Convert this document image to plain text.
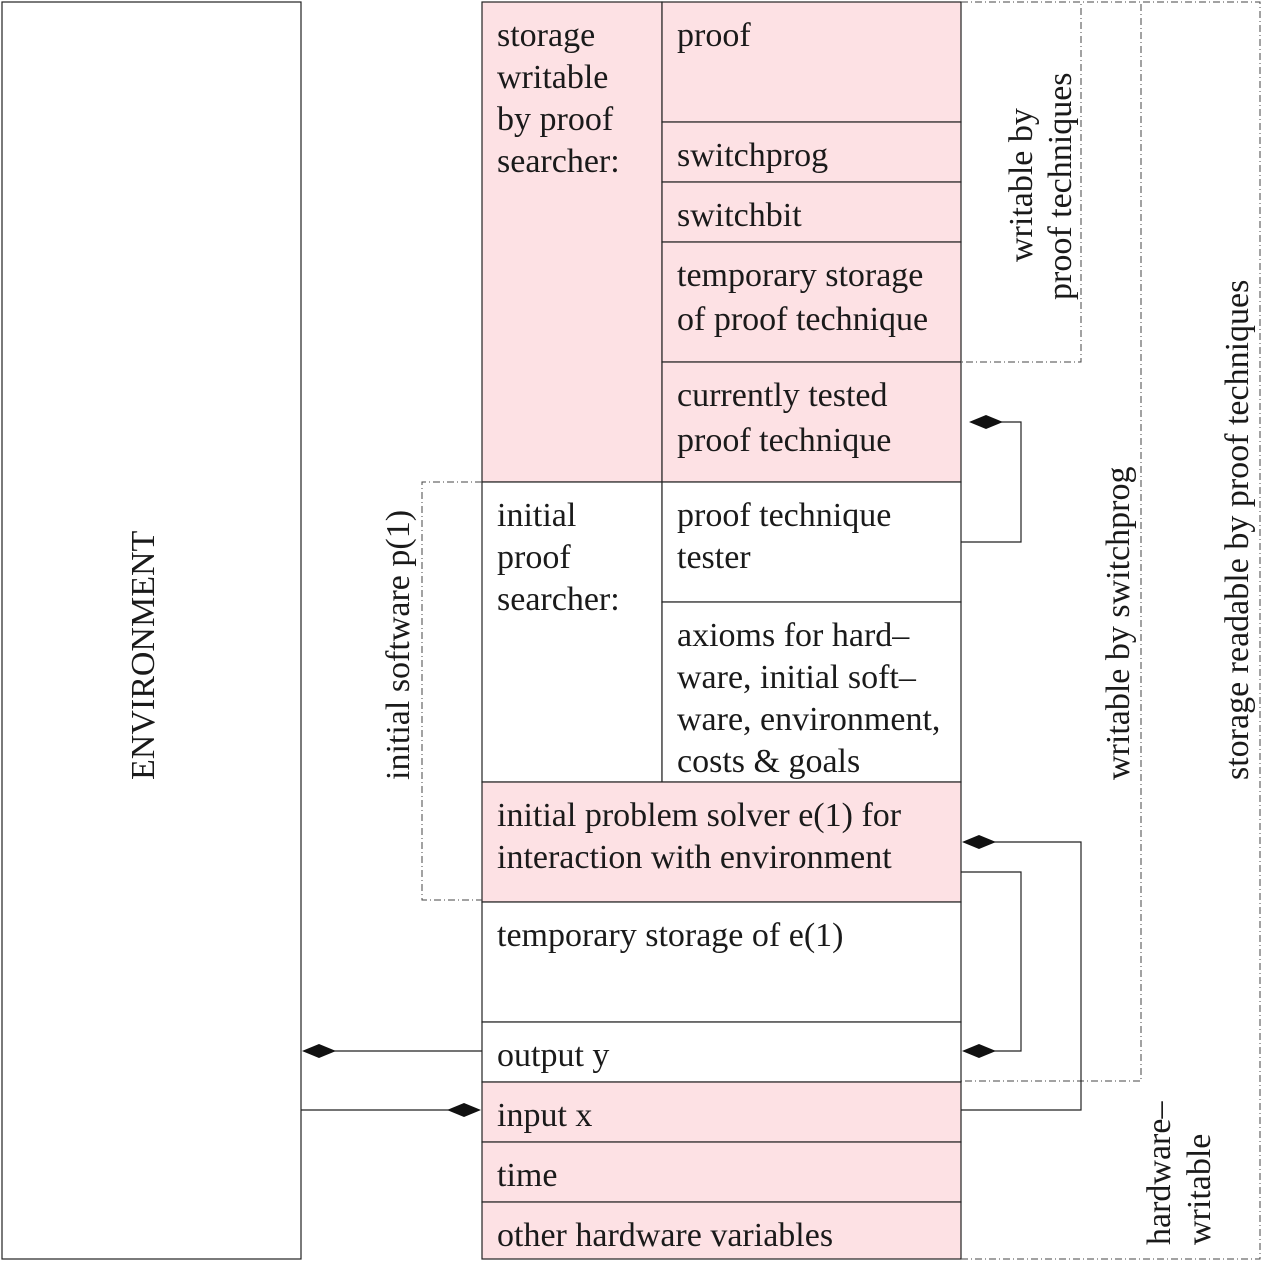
ENVIRONMENT
storage
writable
by proof
searcher:
proof
switchprog
switchbit
temporary storage
of proof technique
currently tested
proof technique
initial
proof
searcher:
proof technique
tester
axioms for hard–
ware, initial soft–
ware, environment,
costs & goals
initial problem solver e(1) for
interaction with environment
temporary storage of e(1)
output y
input x
time
other hardware variables
writable by proof techniques
writable by switchprog storage readable by proof techniques
initial software p(1)
hardware– writable
